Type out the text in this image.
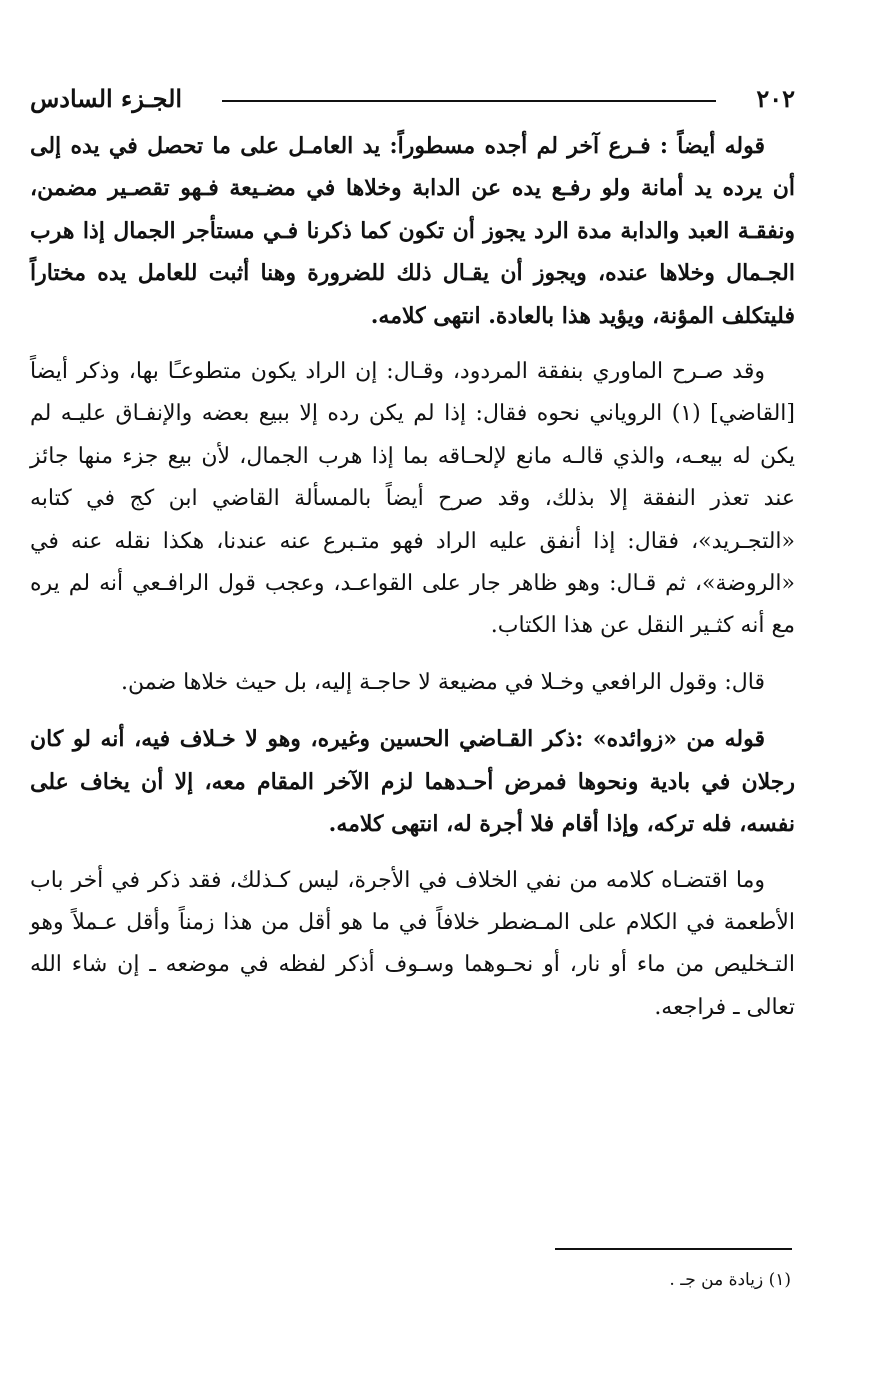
٢٠٢
الجـزء السادس

قوله أيضاً : فـرع آخر لم أجده مسطوراً: يد العامـل على ما تحصل في يده إلى أن يرده يد أمانة ولو رفـع يده عن الدابة وخلاها في مضـيعة فـهو تقصـير مضمن، ونفقـة العبد والدابة مدة الرد يجوز أن تكون كما ذكرنا فـي مستأجر الجمال إذا هرب الجـمال وخلاها عنده، ويجوز أن يقـال ذلك للضرورة وهنا أثبت للعامل يده مختاراً فليتكلف المؤنة، ويؤيد هذا بالعادة. انتهى كلامه.

وقد صـرح الماوري بنفقة المردود، وقـال: إن الراد يكون متطوعـًا بها، وذكر أيضاً [القاضي] (١) الروياني نحوه فقال: إذا لم يكن رده إلا ببيع بعضه والإنفـاق عليـه لم يكن له بيعـه، والذي قالـه مانع لإلحـاقه بما إذا هرب الجمال، لأن بيع جزء منها جائز عند تعذر النفقة إلا بذلك، وقد صرح أيضاً بالمسألة القاضي ابن كج في كتابه «التجـريد»، فقال: إذا أنفق عليه الراد فهو متـبرع عنه عندنا، هكذا نقله عنه في «الروضة»، ثم قـال: وهو ظاهر جار على القواعـد، وعجب قول الرافـعي أنه لم يره مع أنه كثـير النقل عن هذا الكتاب.

قال: وقول الرافعي وخـلا في مضيعة لا حاجـة إليه، بل حيث خلاها ضمن.

قوله من «زوائده» :ذكر القـاضي الحسين وغيره، وهو لا خـلاف فيه، أنه لو كان رجلان في بادية ونحوها فمرض أحـدهما لزم الآخر المقام معه، إلا أن يخاف على نفسه، فله تركه، وإذا أقام فلا أجرة له، انتهى كلامه.

وما اقتضـاه كلامه من نفي الخلاف في الأجرة، ليس كـذلك، فقد ذكر في أخر باب الأطعمة في الكلام على المـضطر خلافاً في ما هو أقل من هذا زمناً وأقل عـملاً وهو التـخليص من ماء أو نار، أو نحـوهما وسـوف أذكر لفظه في موضعه ـ إن شاء الله تعالى ـ فراجعه.

(١) زيادة من جـ .
